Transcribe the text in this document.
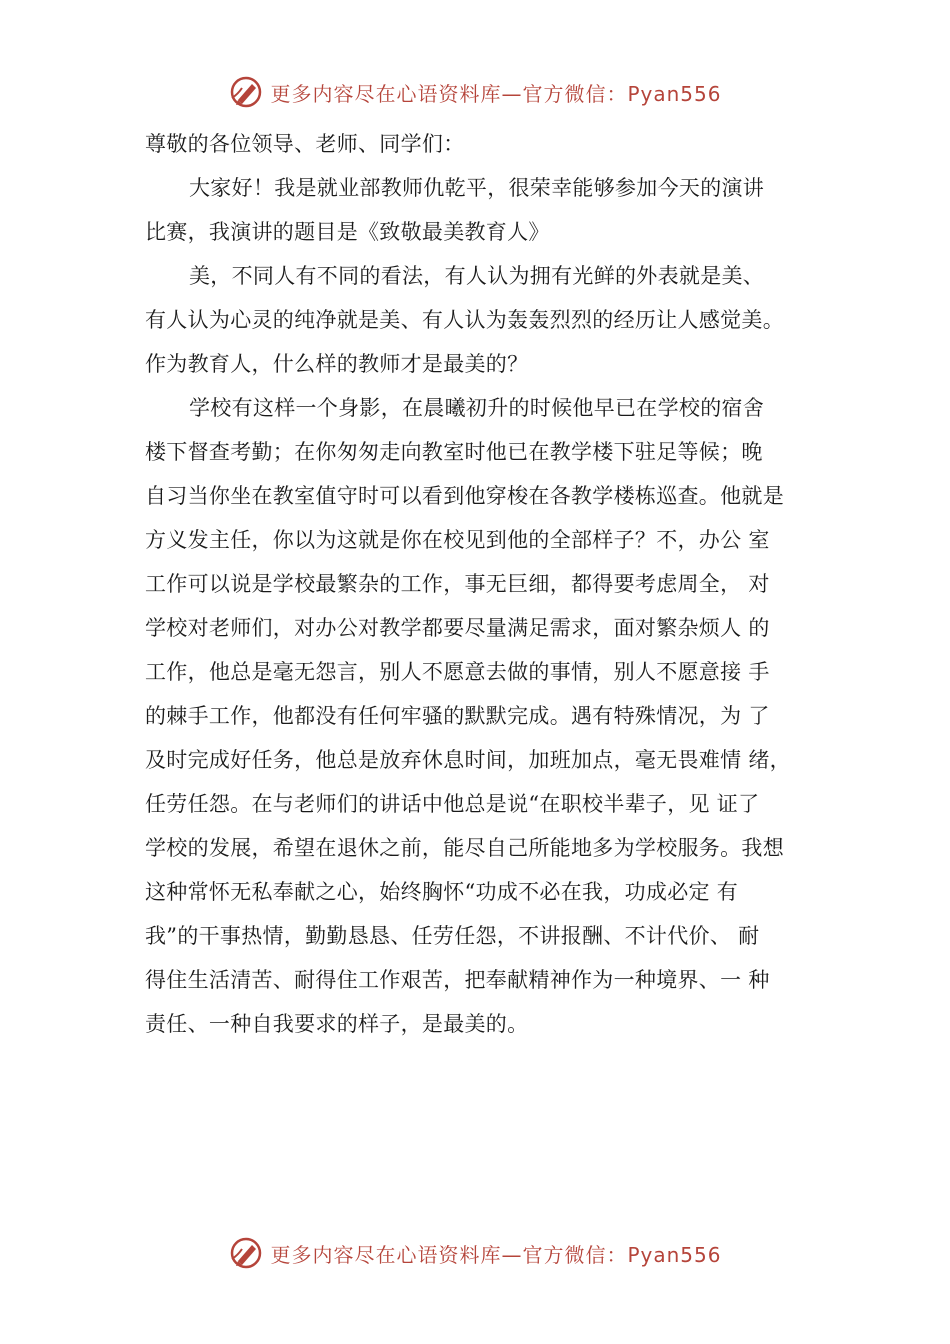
更多内容尽在心语资料库—官方微信：Pyan556
尊敬的各位领导、老师、同学们：
大家好！我是就业部教师仇乾平，很荣幸能够参加今天的演讲
比赛，我演讲的题目是《致敬最美教育人》
美，不同人有不同的看法，有人认为拥有光鲜的外表就是美、
有人认为心灵的纯净就是美、有人认为轰轰烈烈的经历让人感觉美。
作为教育人，什么样的教师才是最美的？
学校有这样一个身影，在晨曦初升的时候他早已在学校的宿舍
楼下督查考勤；在你匆匆走向教室时他已在教学楼下驻足等候；晚
自习当你坐在教室值守时可以看到他穿梭在各教学楼栋巡查。他就是
方义发主任，你以为这就是你在校见到他的全部样子？不，办公 室
工作可以说是学校最繁杂的工作，事无巨细，都得要考虑周全， 对
学校对老师们，对办公对教学都要尽量满足需求，面对繁杂烦人 的
工作，他总是毫无怨言，别人不愿意去做的事情，别人不愿意接 手
的棘手工作，他都没有任何牢骚的默默完成。遇有特殊情况，为 了
及时完成好任务，他总是放弃休息时间，加班加点，毫无畏难情 绪，
任劳任怨。在与老师们的讲话中他总是说“在职校半辈子，见 证了
学校的发展，希望在退休之前，能尽自己所能地多为学校服务。我想
这种常怀无私奉献之心，始终胸怀“功成不必在我，功成必定 有
我”的干事热情，勤勤恳恳、任劳任怨，不讲报酬、不计代价、 耐
得住生活清苦、耐得住工作艰苦，把奉献精神作为一种境界、一 种
责任、一种自我要求的样子，是最美的。
更多内容尽在心语资料库—官方微信：Pyan556
